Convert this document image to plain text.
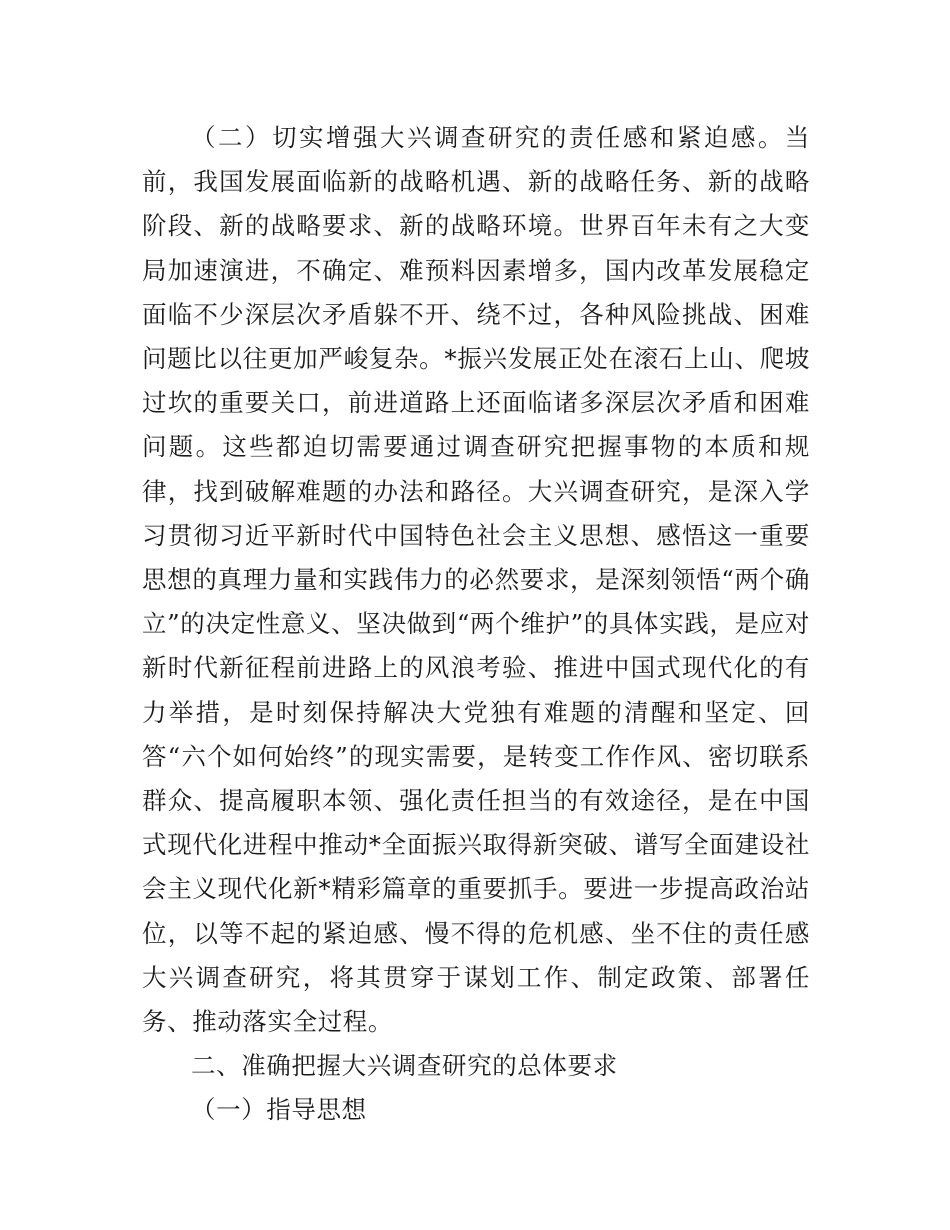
（二）切实增强大兴调查研究的责任感和紧迫感。当前，我国发展面临新的战略机遇、新的战略任务、新的战略阶段、新的战略要求、新的战略环境。世界百年未有之大变局加速演进，不确定、难预料因素增多，国内改革发展稳定面临不少深层次矛盾躲不开、绕不过，各种风险挑战、困难问题比以往更加严峻复杂。*振兴发展正处在滚石上山、爬坡过坎的重要关口，前进道路上还面临诸多深层次矛盾和困难问题。这些都迫切需要通过调查研究把握事物的本质和规律，找到破解难题的办法和路径。大兴调查研究，是深入学习贯彻习近平新时代中国特色社会主义思想、感悟这一重要思想的真理力量和实践伟力的必然要求，是深刻领悟“两个确立”的决定性意义、坚决做到“两个维护”的具体实践，是应对新时代新征程前进路上的风浪考验、推进中国式现代化的有力举措，是时刻保持解决大党独有难题的清醒和坚定、回答“六个如何始终”的现实需要，是转变工作作风、密切联系群众、提高履职本领、强化责任担当的有效途径，是在中国式现代化进程中推动*全面振兴取得新突破、谱写全面建设社会主义现代化新*精彩篇章的重要抓手。要进一步提高政治站位，以等不起的紧迫感、慢不得的危机感、坐不住的责任感大兴调查研究，将其贯穿于谋划工作、制定政策、部署任务、推动落实全过程。

二、准确把握大兴调查研究的总体要求

（一）指导思想
